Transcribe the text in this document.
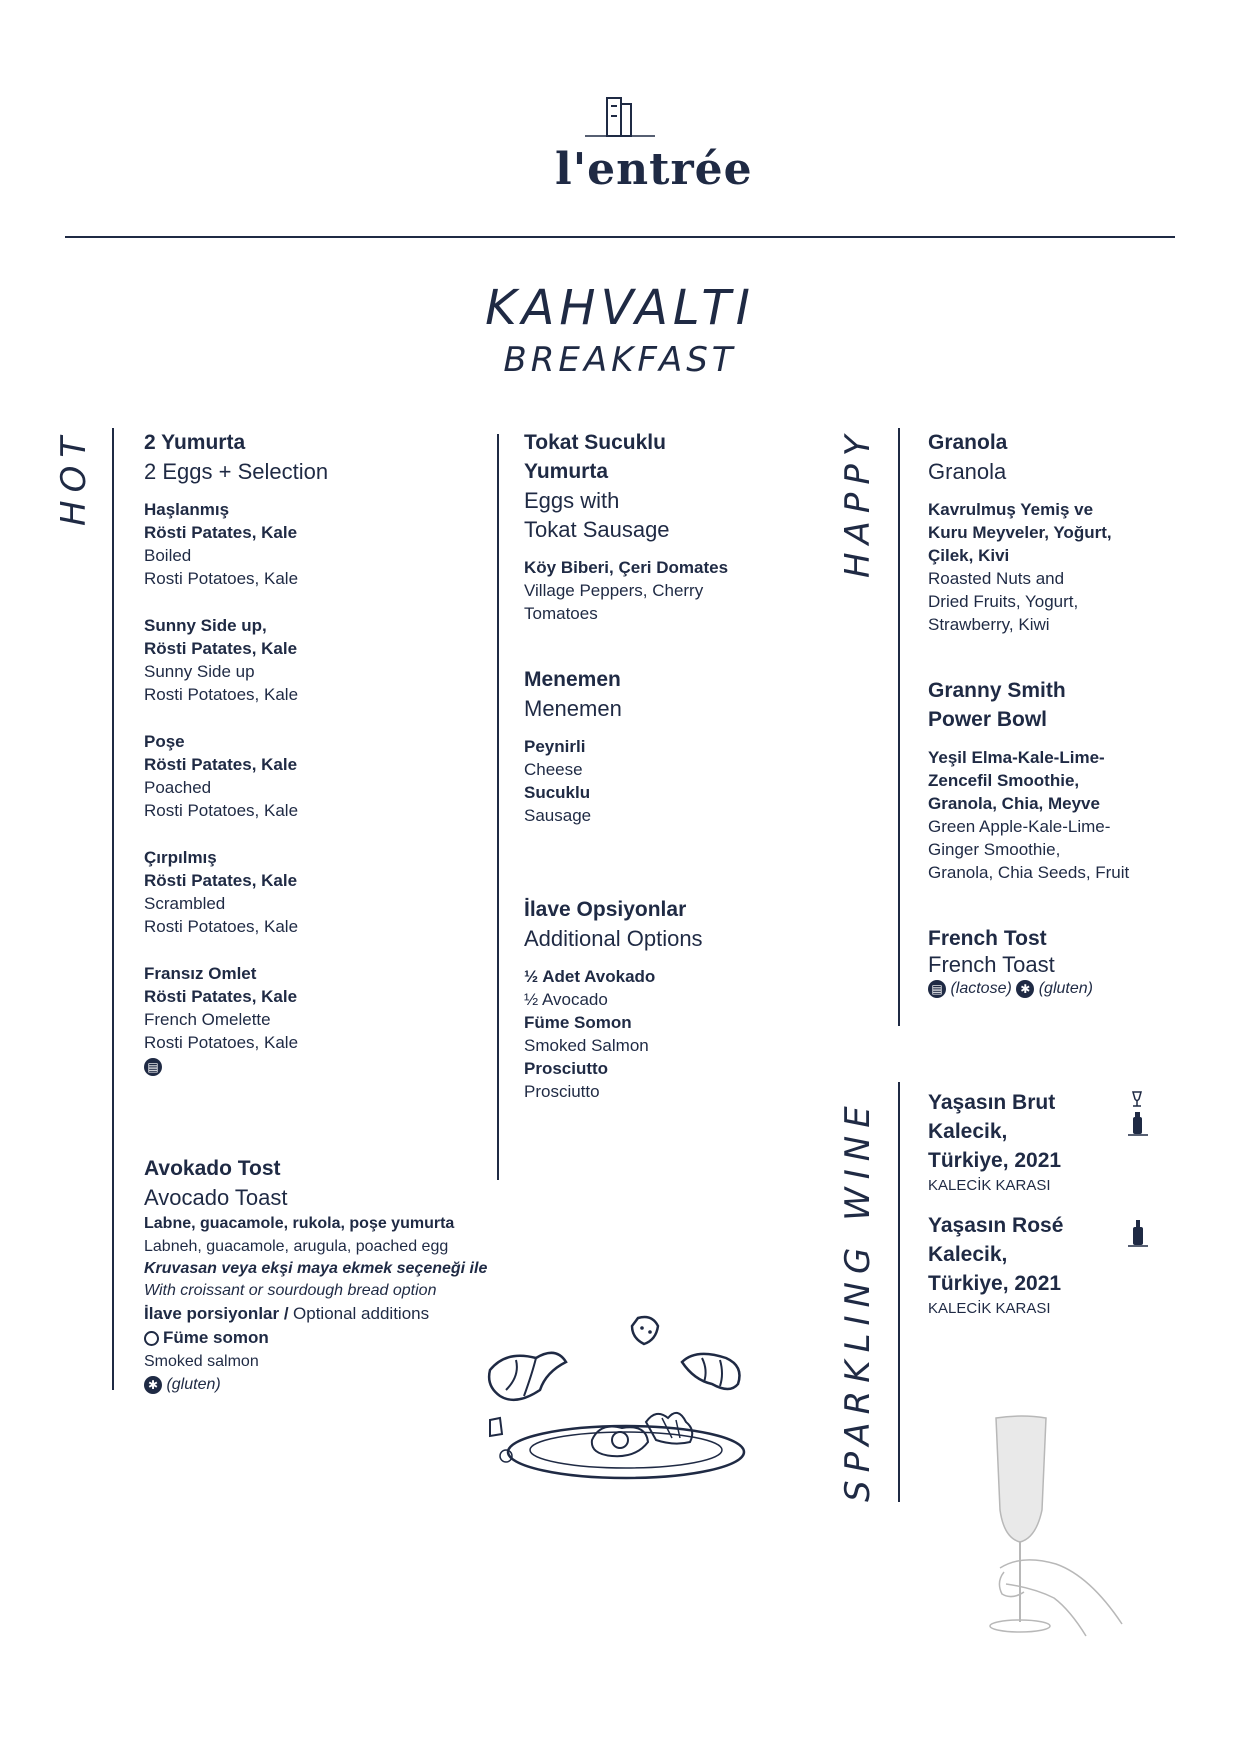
l'entrée
KAHVALTI
BREAKFAST
HOT	HAPPY
SPARKLING WINE
2 Yumurta
2 Eggs + Selection
Haşlanmış
Rösti Patates, Kale
Boiled
Rosti Potatoes, Kale
Sunny Side up,
Rösti Patates, Kale
Sunny Side up
Rosti Potatoes, Kale
Poşe
Rösti Patates, Kale
Poached
Rosti Potatoes, Kale
Çırpılmış
Rösti Patates, Kale
Scrambled
Rosti Potatoes, Kale
Fransız Omlet
Rösti Patates, Kale
French Omelette
Rosti Potatoes, Kale
▤
Avokado Tost
Avocado Toast
Labne, guacamole, rukola, poşe yumurta
Labneh, guacamole, arugula, poached egg
Kruvasan veya ekşi maya ekmek seçeneği ile
With croissant or sourdough bread option
İlave porsiyonlar / Optional additions
Füme somon
Smoked salmon
✱ (gluten)
Tokat Sucuklu
Yumurta
Eggs with
Tokat Sausage
Köy Biberi, Çeri Domates
Village Peppers, Cherry
Tomatoes
Menemen
Menemen
Peynirli
Cheese
Sucuklu
Sausage
İlave Opsiyonlar
Additional Options
½ Adet Avokado
½ Avocado
Füme Somon
Smoked Salmon
Prosciutto
Prosciutto
Granola
Granola
Kavrulmuş Yemiş ve
Kuru Meyveler, Yoğurt,
Çilek, Kivi
Roasted Nuts and
Dried Fruits, Yogurt,
Strawberry, Kiwi
Granny Smith
Power Bowl
Yeşil Elma-Kale-Lime-
Zencefil Smoothie,
Granola, Chia, Meyve
Green Apple-Kale-Lime-
Ginger Smoothie,
Granola, Chia Seeds, Fruit
French Tost
French Toast
▤ (lactose) ✱ (gluten)
Yaşasın Brut
Kalecik,
Türkiye, 2021
KALECİK KARASI
Yaşasın Rosé
Kalecik,
Türkiye, 2021
KALECİK KARASI
